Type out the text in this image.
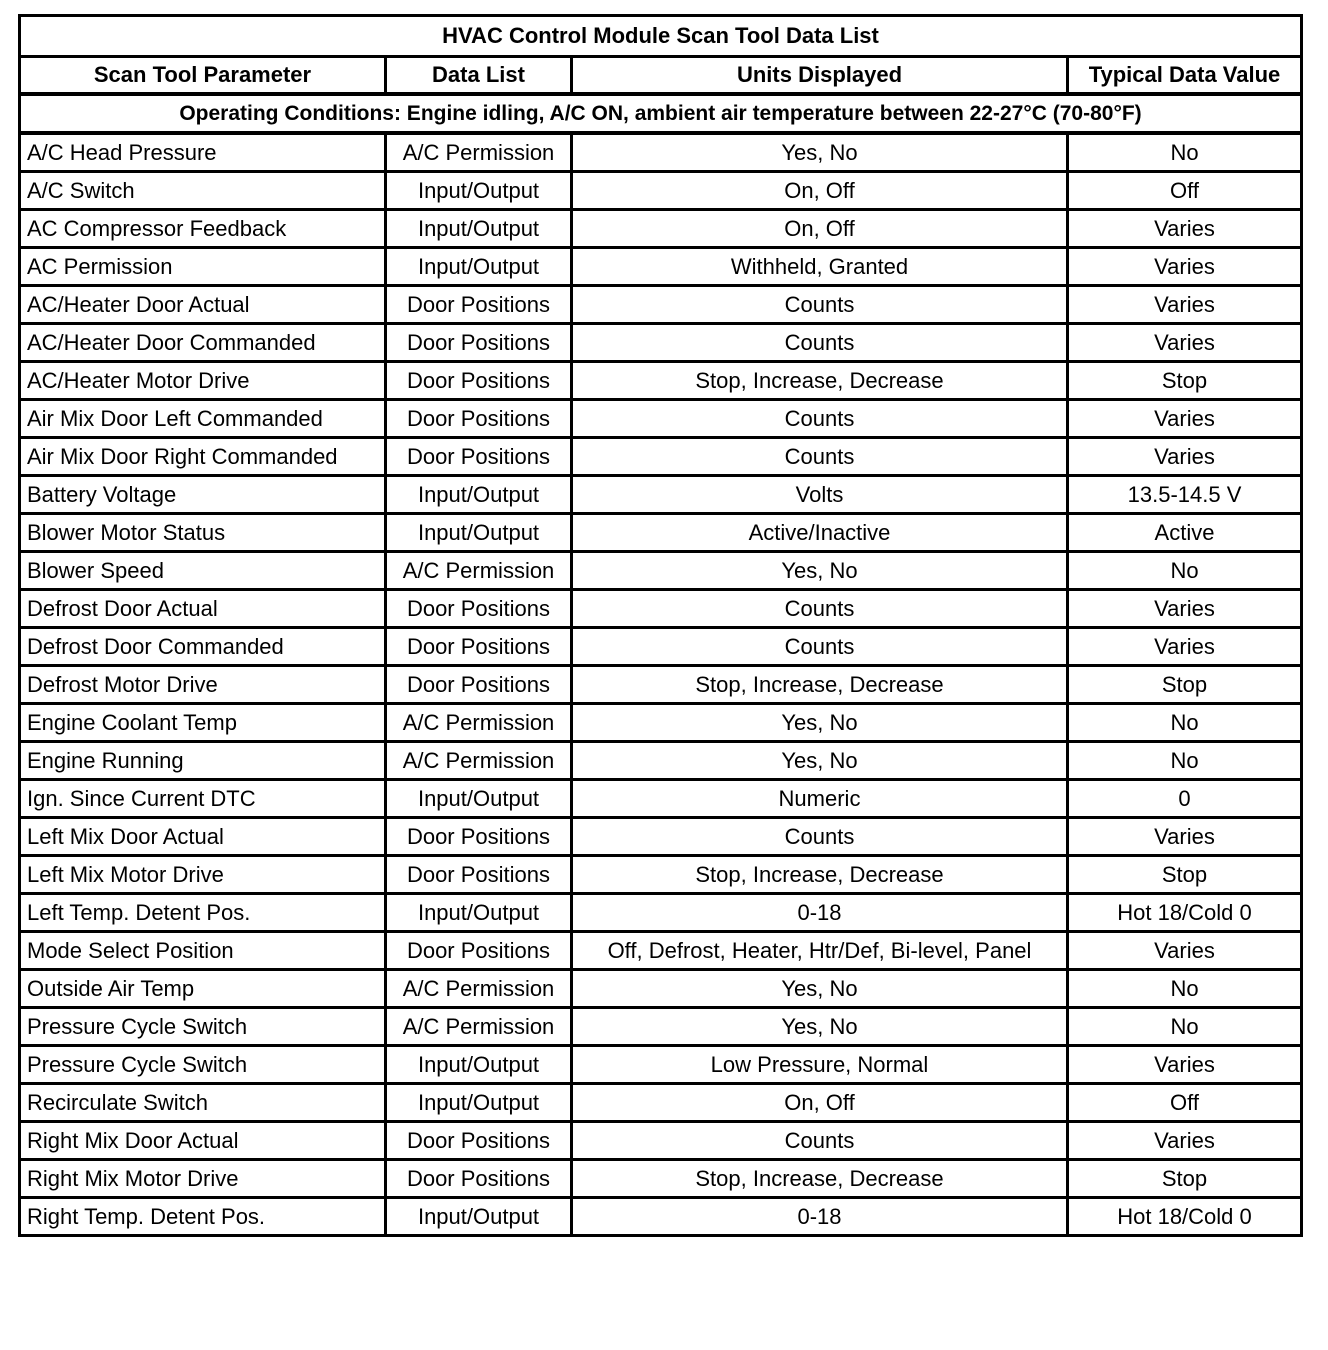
HVAC Control Module Scan Tool Data List			
Scan Tool Parameter	Data List	Units Displayed	Typical Data Value
Operating Conditions: Engine idling, A/C ON, ambient air temperature between 22-27°C (70-80°F)			
A/C Head Pressure	A/C Permission	Yes, No	No
A/C Switch	Input/Output	On, Off	Off
AC Compressor Feedback	Input/Output	On, Off	Varies
AC Permission	Input/Output	Withheld, Granted	Varies
AC/Heater Door Actual	Door Positions	Counts	Varies
AC/Heater Door Commanded	Door Positions	Counts	Varies
AC/Heater Motor Drive	Door Positions	Stop, Increase, Decrease	Stop
Air Mix Door Left Commanded	Door Positions	Counts	Varies
Air Mix Door Right Commanded	Door Positions	Counts	Varies
Battery Voltage	Input/Output	Volts	13.5-14.5 V
Blower Motor Status	Input/Output	Active/Inactive	Active
Blower Speed	A/C Permission	Yes, No	No
Defrost Door Actual	Door Positions	Counts	Varies
Defrost Door Commanded	Door Positions	Counts	Varies
Defrost Motor Drive	Door Positions	Stop, Increase, Decrease	Stop
Engine Coolant Temp	A/C Permission	Yes, No	No
Engine Running	A/C Permission	Yes, No	No
Ign. Since Current DTC	Input/Output	Numeric	0
Left Mix Door Actual	Door Positions	Counts	Varies
Left Mix Motor Drive	Door Positions	Stop, Increase, Decrease	Stop
Left Temp. Detent Pos.	Input/Output	0-18	Hot 18/Cold 0
Mode Select Position	Door Positions	Off, Defrost, Heater, Htr/Def, Bi-level, Panel	Varies
Outside Air Temp	A/C Permission	Yes, No	No
Pressure Cycle Switch	A/C Permission	Yes, No	No
Pressure Cycle Switch	Input/Output	Low Pressure, Normal	Varies
Recirculate Switch	Input/Output	On, Off	Off
Right Mix Door Actual	Door Positions	Counts	Varies
Right Mix Motor Drive	Door Positions	Stop, Increase, Decrease	Stop
Right Temp. Detent Pos.	Input/Output	0-18	Hot 18/Cold 0
